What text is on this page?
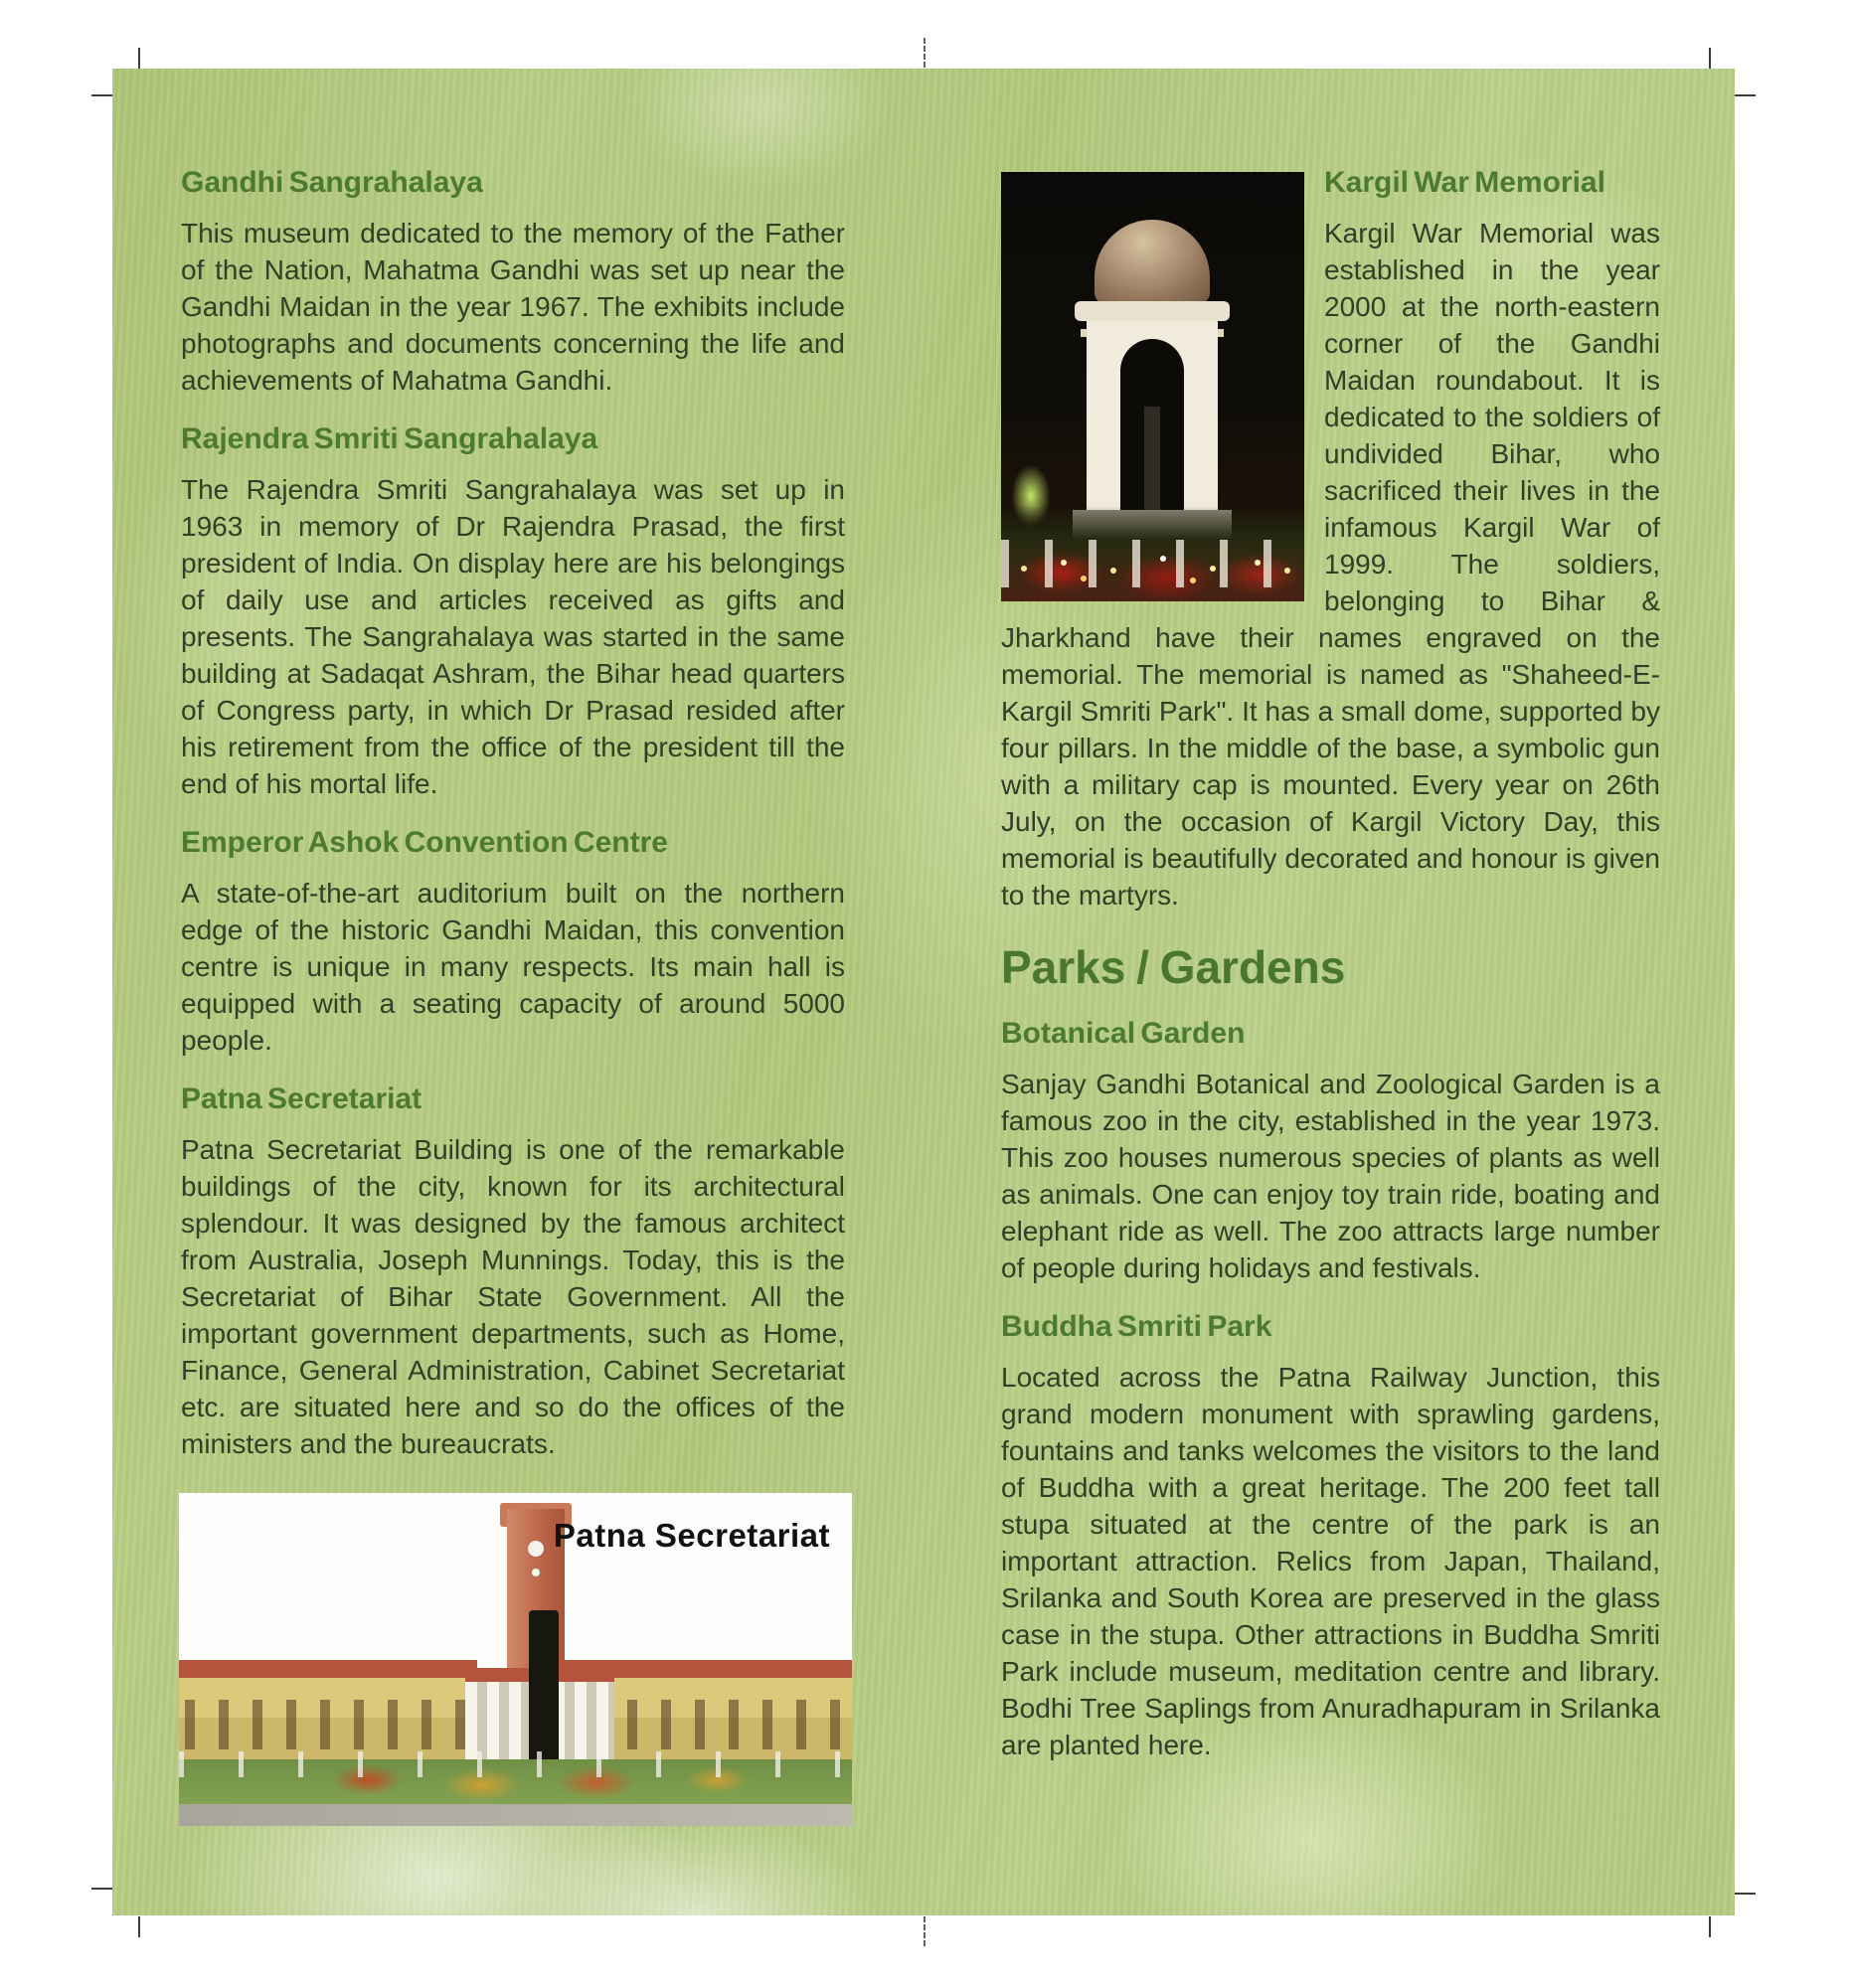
Gandhi Sangrahalaya

This museum dedicated to the memory of the Father of the Nation, Mahatma Gandhi was set up near the Gandhi Maidan in the year 1967. The exhibits include photographs and documents concerning the life and achievements of Mahatma Gandhi.

Rajendra Smriti Sangrahalaya

The Rajendra Smriti Sangrahalaya was set up in 1963 in memory of Dr Rajendra Prasad, the first president of India. On display here are his belongings of daily use and articles received as gifts and presents. The Sangrahalaya was started in the same building at Sadaqat Ashram, the Bihar head quarters of Congress party, in which Dr Prasad resided after his retirement from the office of the president till the end of his mortal life.

Emperor Ashok Convention Centre

A state-of-the-art auditorium built on the northern edge of the historic Gandhi Maidan, this convention centre is unique in many respects. Its main hall is equipped with a seating capacity of around 5000 people.

Patna Secretariat

Patna Secretariat Building is one of the remarkable buildings of the city, known for its architectural splendour. It was designed by the famous architect from Australia, Joseph Munnings. Today, this is the Secretariat of Bihar State Government. All the important government departments, such as Home, Finance, General Administration, Cabinet Secretariat etc. are situated here and so do the offices of the ministers and the bureaucrats.

Patna Secretariat
Kargil War Memorial

Kargil War Memorial was established in the year 2000 at the north-eastern corner of the Gandhi Maidan roundabout. It is dedicated to the soldiers of undivided Bihar, who sacrificed their lives in the infamous Kargil War of 1999. The soldiers, belonging to Bihar & Jharkhand have their names engraved on the memorial. The memorial is named as "Shaheed-E-Kargil Smriti Park". It has a small dome, supported by four pillars. In the middle of the base, a symbolic gun with a military cap is mounted. Every year on 26th July, on the occasion of Kargil Victory Day, this memorial is beautifully decorated and honour is given to the martyrs.

Parks / Gardens
Botanical Garden

Sanjay Gandhi Botanical and Zoological Garden is a famous zoo in the city, established in the year 1973. This zoo houses numerous species of plants as well as animals. One can enjoy toy train ride, boating and elephant ride as well. The zoo attracts large number of people during holidays and festivals.

Buddha Smriti Park

Located across the Patna Railway Junction, this grand modern monument with sprawling gardens, fountains and tanks welcomes the visitors to the land of Buddha with a great heritage. The 200 feet tall stupa situated at the centre of the park is an important attraction. Relics from Japan, Thailand, Srilanka and South Korea are preserved in the glass case in the stupa. Other attractions in Buddha Smriti Park include museum, meditation centre and library. Bodhi Tree Saplings from Anuradhapuram in Srilanka are planted here.
